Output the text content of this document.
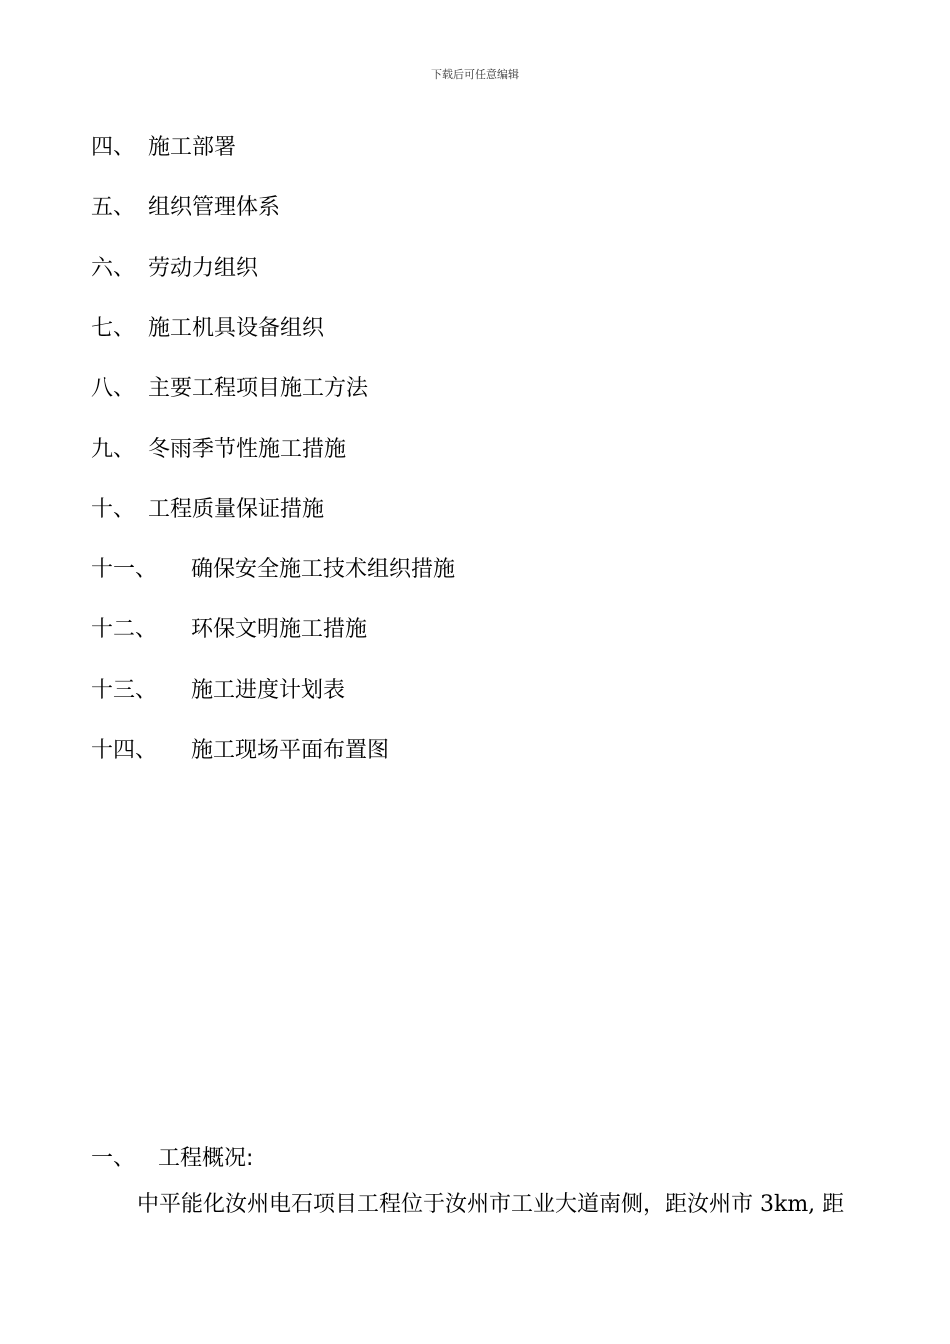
下载后可任意编辑
四、 施工部署
五、 组织管理体系
六、 劳动力组织
七、 施工机具设备组织
八、 主要工程项目施工方法
九、 冬雨季节性施工措施
十、 工程质量保证措施
十一、 确保安全施工技术组织措施
十二、 环保文明施工措施
十三、 施工进度计划表
十四、 施工现场平面布置图
一、 工程概况:
中平能化汝州电石项目工程位于汝州市工业大道南侧，距汝州市 3km, 距
